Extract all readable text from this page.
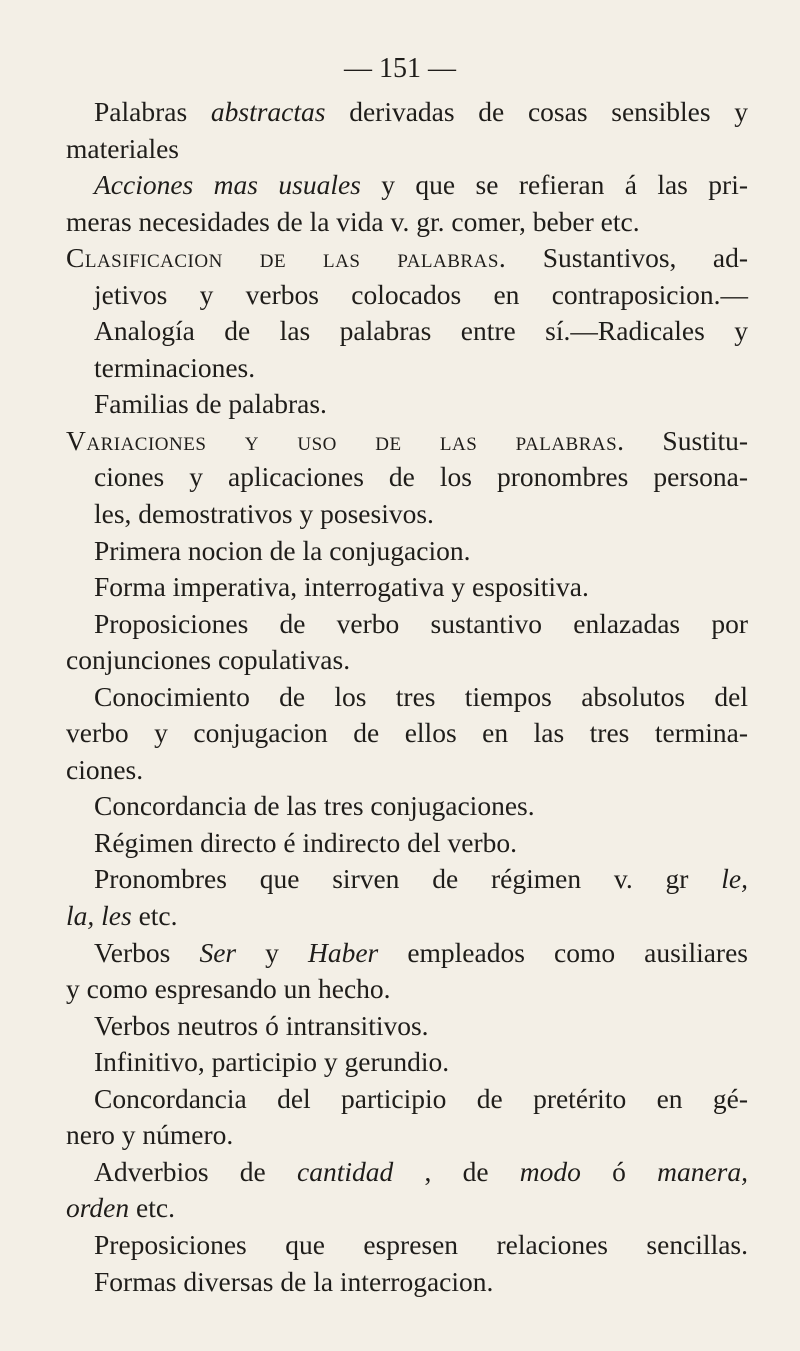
— 151 —
Palabras abstractas derivadas de cosas sensibles y
materiales
Acciones mas usuales y que se refieran á las pri-
meras necesidades de la vida v. gr. comer, beber etc.
Clasificacion de las palabras. Sustantivos, ad-
jetivos y verbos colocados en contraposicion.—
Analogía de las palabras entre sí.—Radicales y
terminaciones.
Familias de palabras.
Variaciones y uso de las palabras. Sustitu-
ciones y aplicaciones de los pronombres persona-
les, demostrativos y posesivos.
Primera nocion de la conjugacion.
Forma imperativa, interrogativa y espositiva.
Proposiciones de verbo sustantivo enlazadas por
conjunciones copulativas.
Conocimiento de los tres tiempos absolutos del
verbo y conjugacion de ellos en las tres termina-
ciones.
Concordancia de las tres conjugaciones.
Régimen directo é indirecto del verbo.
Pronombres que sirven de régimen v. gr le,
la, les etc.
Verbos Ser y Haber empleados como ausiliares
y como espresando un hecho.
Verbos neutros ó intransitivos.
Infinitivo, participio y gerundio.
Concordancia del participio de pretérito en gé-
nero y número.
Adverbios de cantidad , de modo ó manera,
orden etc.
Preposiciones que espresen relaciones sencillas.
Formas diversas de la interrogacion.
